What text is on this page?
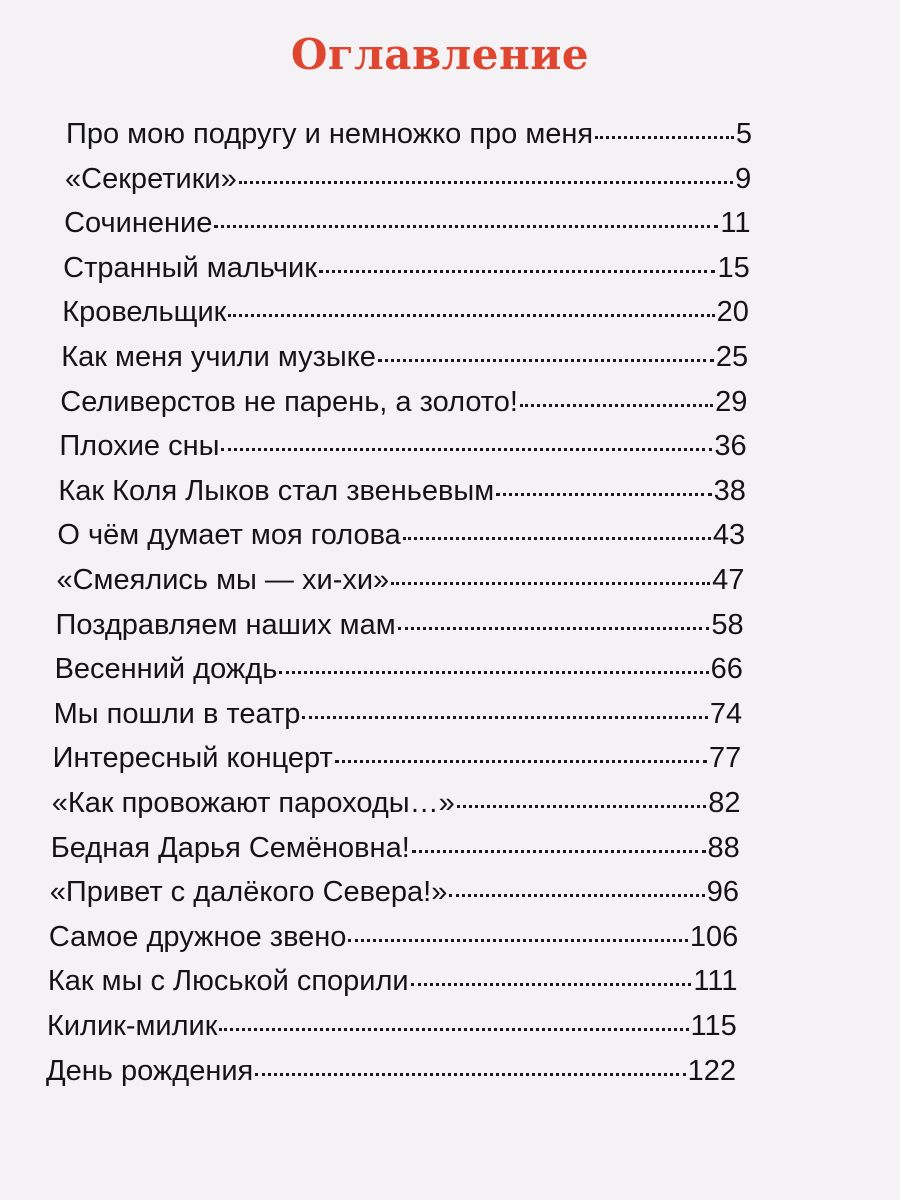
Оглавление
Про мою подругу и немножко про меня	5
«Секретики»	9
Сочинение	11
Странный мальчик	15
Кровельщик	20
Как меня учили музыке	25
Селиверстов не парень, а золото!	29
Плохие сны	36
Как Коля Лыков стал звеньевым	38
О чём думает моя голова	43
«Смеялись мы — хи-хи»	47
Поздравляем наших мам	58
Весенний дождь	66
Мы пошли в театр	74
Интересный концерт	77
«Как провожают пароходы…»	82
Бедная Дарья Семёновна!	88
«Привет с далёкого Севера!»	96
Самое дружное звено	106
Как мы с Люськой спорили	111
Килик-милик	115
День рождения	122
